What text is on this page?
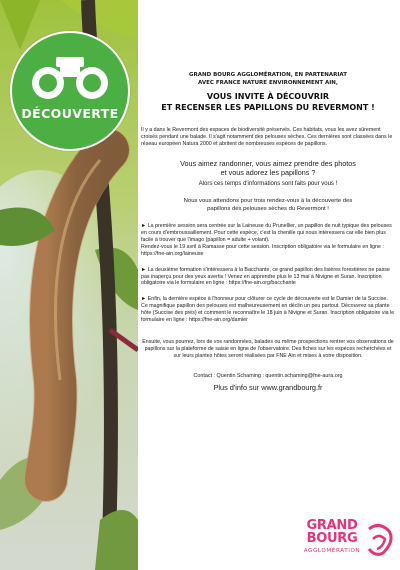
DÉCOUVERTE
GRAND BOURG AGGLOMÉRATION, EN PARTENARIAT
AVEC FRANCE NATURE ENVIRONNEMENT AIN,
VOUS INVITE À DÉCOUVRIR
ET RECENSER LES PAPILLONS DU REVERMONT !

Il y a dans le Revermont des espaces de biodiversité préservés. Ces habitats, vous les avez sûrement croisés pendant une balade. Il s'agit notamment des pelouses sèches. Ces dernières sont classées dans le réseau européen Natura 2000 et abritent de nombreuses espèces de papillons.

Vous aimez randonner, vous aimez prendre des photos
et vous adorez les papillons ?
Alors ces temps d'informations sont faits pour vous !
Nous vous attendons pour trois rendez-vous à la découverte des
papillons des pelouses sèches du Revermont !

► La première session sera centrée sur la Laineuse du Prunellier, un papillon de nuit typique des pelouses en cours d'embroussaillement. Pour cette espèce, c'est la chenille qui nous intéressera car elle bien plus facile à trouver que l'imago (papillon = adulte + volant).

Rendez-vous le 19 avril à Ramasse pour cette session. Inscription obligatoire via le formulaire en ligne : https://fne-ain.org/laineuse

► La deuxième formation s'intéressera à la Bacchante, ce grand papillon des lisières forestières ne passe pas inaperçu pour des yeux avertis ! Venez en apprendre plus le 13 mai à Nivigne et Suran. Inscription obligatoire via le formulaire en ligne : https://fne-ain.org/bacchante

► Enfin, la dernière espèce à l'honneur pour clôturer ce cycle de découverte est le Damier de la Succise. Ce magnifique papillon des pelouses est malheureusement en déclin un peu partout. Découvrez sa plante hôte (Succise des prés) et comment le reconnaître le 18 juin à Nivigne et Suran. Inscription obligatoire via le formulaire en ligne : https://fne-ain.org/damier

Ensuite, vous pourrez, lors de vos randonnées, balades ou même prospections rentrer vos observations de papillons sur la plateforme de saisie en ligne de l'observatoire. Des fiches sur les espèces recherchées et sur leurs plantes hôtes seront réalisées par FNE Ain et mises à votre disposition.

Contact : Quentin Schaming : quentin.schaming@fne-aura.org
Plus d'info sur www.grandbourg.fr
GRAND
BOURG
AGGLOMÉRATION
